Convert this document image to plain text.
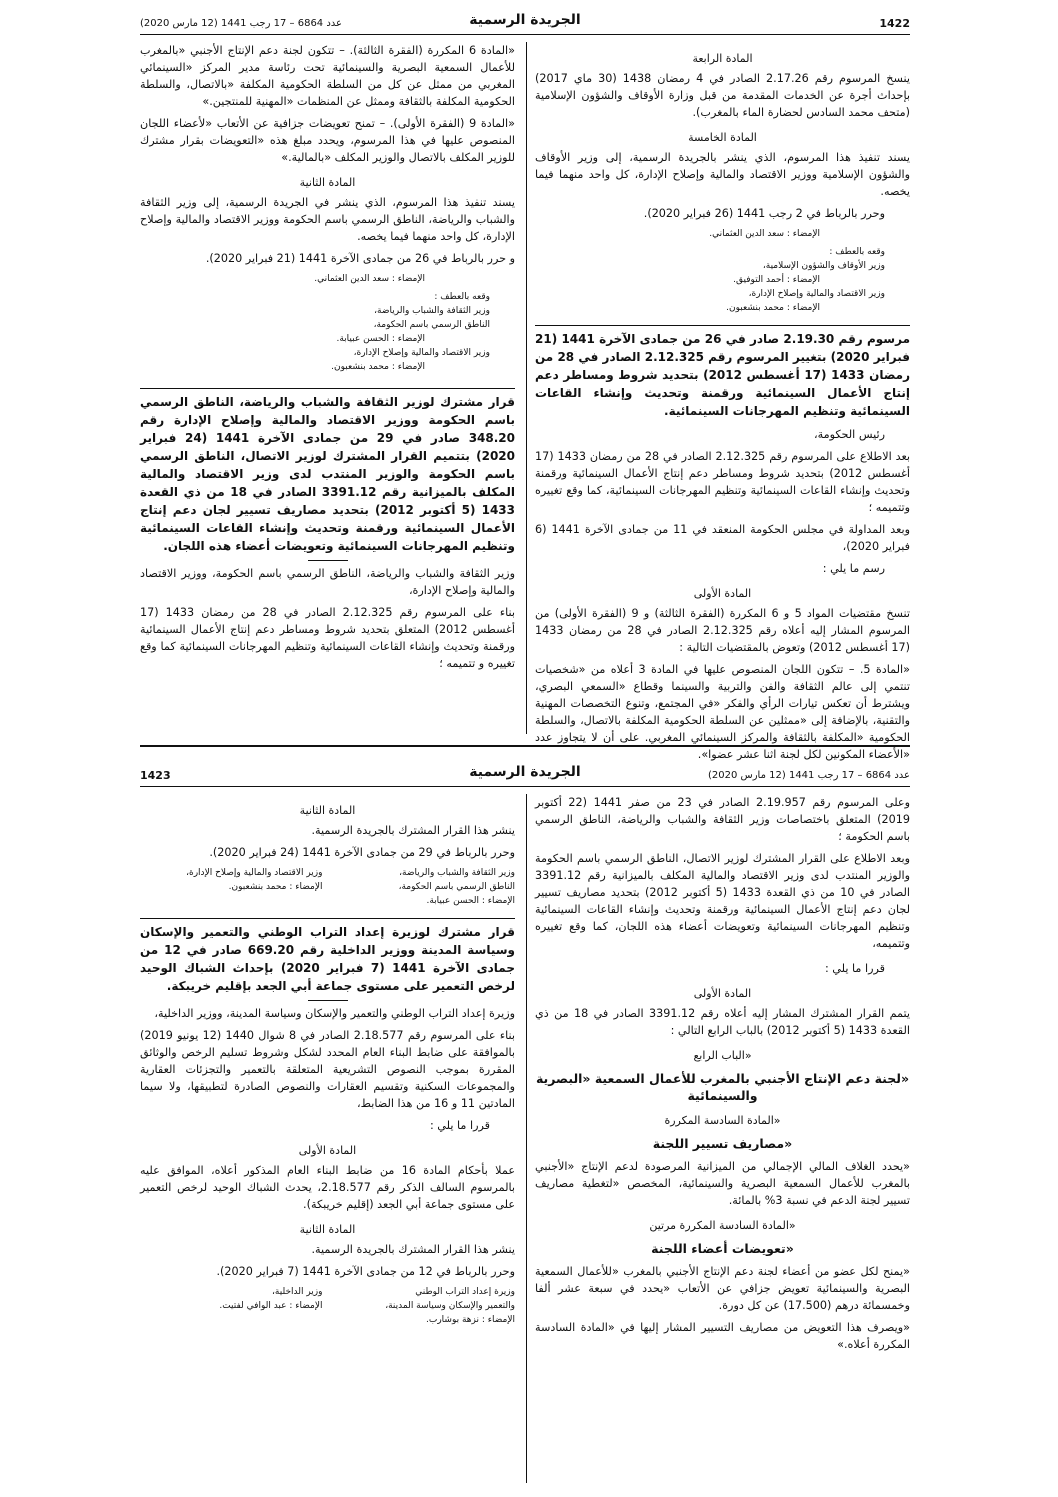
1422
الجريدة الرسمية
عدد 6864 – 17 رجب 1441 (12 مارس 2020)
المادة الرابعة

ينسخ المرسوم رقم 2.17.26 الصادر في 4 رمضان 1438 (30 ماي 2017) بإحداث أجرة عن الخدمات المقدمة من قبل وزارة الأوقاف والشؤون الإسلامية (متحف محمد السادس لحضارة الماء بالمغرب).

المادة الخامسة

يسند تنفيذ هذا المرسوم، الذي ينشر بالجريدة الرسمية، إلى وزير الأوقاف والشؤون الإسلامية ووزير الاقتصاد والمالية وإصلاح الإدارة، كل واحد منهما فيما يخصه.

وحرر بالرباط في 2 رجب 1441 (26 فبراير 2020).

الإمضاء : سعد الدين العثماني.

وقعه بالعطف :

وزير الأوقاف والشؤون الإسلامية،

الإمضاء : أحمد التوفيق.

وزير الاقتصاد والمالية وإصلاح الإدارة،

الإمضاء : محمد بنشعبون.

مرسوم رقم 2.19.30 صادر في 26 من جمادى الآخرة 1441 (21 فبراير 2020) بتغيير المرسوم رقم 2.12.325 الصادر في 28 من رمضان 1433 (17 أغسطس 2012) بتحديد شروط ومساطر دعم إنتاج الأعمال السينمائية ورقمنة وتحديث وإنشاء القاعات السينمائية وتنظيم المهرجانات السينمائية.

رئيس الحكومة،

بعد الاطلاع على المرسوم رقم 2.12.325 الصادر في 28 من رمضان 1433 (17 أغسطس 2012) بتحديد شروط ومساطر دعم إنتاج الأعمال السينمائية ورقمنة وتحديث وإنشاء القاعات السينمائية وتنظيم المهرجانات السينمائية، كما وقع تغييره وتتميمه ؛

وبعد المداولة في مجلس الحكومة المنعقد في 11 من جمادى الآخرة 1441 (6 فبراير 2020)،

رسم ما يلي :

المادة الأولى

تنسخ مقتضيات المواد 5 و 6 المكررة (الفقرة الثالثة) و 9 (الفقرة الأولى) من المرسوم المشار إليه أعلاه رقم 2.12.325 الصادر في 28 من رمضان 1433 (17 أغسطس 2012) وتعوض بالمقتضيات التالية :

«المادة 5. – تتكون اللجان المنصوص عليها في المادة 3 أعلاه من «شخصيات تنتمي إلى عالم الثقافة والفن والتربية والسينما وقطاع «السمعي البصري، ويشترط أن تعكس تيارات الرأي والفكر «في المجتمع، وتنوع التخصصات المهنية والتقنية، بالإضافة إلى «ممثلين عن السلطة الحكومية المكلفة بالاتصال، والسلطة الحكومية «المكلفة بالثقافة والمركز السينمائي المغربي. على أن لا يتجاوز عدد «الأعضاء المكونين لكل لجنة اثنا عشر عضوا».

«المادة 6 المكررة (الفقرة الثالثة). – تتكون لجنة دعم الإنتاج الأجنبي «بالمغرب للأعمال السمعية البصرية والسينمائية تحت رئاسة مدير المركز «السينمائي المغربي من ممثل عن كل من السلطة الحكومية المكلفة «بالاتصال، والسلطة الحكومية المكلفة بالثقافة وممثل عن المنظمات «المهنية للمنتجين.»

«المادة 9 (الفقرة الأولى). – تمنح تعويضات جزافية عن الأتعاب «لأعضاء اللجان المنصوص عليها في هذا المرسوم، ويحدد مبلغ هذه «التعويضات بقرار مشترك للوزير المكلف بالاتصال والوزير المكلف «بالمالية.»

المادة الثانية

يسند تنفيذ هذا المرسوم، الذي ينشر في الجريدة الرسمية، إلى وزير الثقافة والشباب والرياضة، الناطق الرسمي باسم الحكومة ووزير الاقتصاد والمالية وإصلاح الإدارة، كل واحد منهما فيما يخصه.

و حرر بالرباط في 26 من جمادى الآخرة 1441 (21 فبراير 2020).

الإمضاء : سعد الدين العثماني.

وقعه بالعطف :

وزير الثقافة والشباب والرياضة،

الناطق الرسمي باسم الحكومة،

الإمضاء : الحسن عبيابة.

وزير الاقتصاد والمالية وإصلاح الإدارة،

الإمضاء : محمد بنشعبون.

قرار مشترك لوزير الثقافة والشباب والرياضة، الناطق الرسمي باسم الحكومة ووزير الاقتصاد والمالية وإصلاح الإدارة رقم 348.20 صادر في 29 من جمادى الآخرة 1441 (24 فبراير 2020) بتتميم القرار المشترك لوزير الاتصال، الناطق الرسمي باسم الحكومة والوزير المنتدب لدى وزير الاقتصاد والمالية المكلف بالميزانية رقم 3391.12 الصادر في 18 من ذي القعدة 1433 (5 أكتوبر 2012) بتحديد مصاريف تسيير لجان دعم إنتاج الأعمال السينمائية ورقمنة وتحديث وإنشاء القاعات السينمائية وتنظيم المهرجانات السينمائية وتعويضات أعضاء هذه اللجان.

وزير الثقافة والشباب والرياضة، الناطق الرسمي باسم الحكومة، ووزير الاقتصاد والمالية وإصلاح الإدارة،

بناء على المرسوم رقم 2.12.325 الصادر في 28 من رمضان 1433 (17 أغسطس 2012) المتعلق بتحديد شروط ومساطر دعم إنتاج الأعمال السينمائية ورقمنة وتحديث وإنشاء القاعات السينمائية وتنظيم المهرجانات السينمائية كما وقع تغييره و تتميمه ؛

1423	الجريدة الرسمية	عدد 6864 – 17 رجب 1441 (12 مارس 2020)

وعلى المرسوم رقم 2.19.957 الصادر في 23 من صفر 1441 (22 أكتوبر 2019) المتعلق باختصاصات وزير الثقافة والشباب والرياضة، الناطق الرسمي باسم الحكومة ؛

وبعد الاطلاع على القرار المشترك لوزير الاتصال، الناطق الرسمي باسم الحكومة والوزير المنتدب لدى وزير الاقتصاد والمالية المكلف بالميزانية رقم 3391.12 الصادر في 10 من ذي القعدة 1433 (5 أكتوبر 2012) بتحديد مصاريف تسيير لجان دعم إنتاج الأعمال السينمائية ورقمنة وتحديث وإنشاء القاعات السينمائية وتنظيم المهرجانات السينمائية وتعويضات أعضاء هذه اللجان، كما وقع تغييره وتتميمه،

قررا ما يلي :

المادة الأولى

يتمم القرار المشترك المشار إليه أعلاه رقم 3391.12 الصادر في 18 من ذي القعدة 1433 (5 أكتوبر 2012) بالباب الرابع التالي :

«الباب الرابع

«لجنة دعم الإنتاج الأجنبي بالمغرب للأعمال السمعية «البصرية والسينمائية

«المادة السادسة المكررة

«مصاريف تسيير اللجنة

«يحدد الغلاف المالي الإجمالي من الميزانية المرصودة لدعم الإنتاج «الأجنبي بالمغرب للأعمال السمعية البصرية والسينمائية، المخصص «لتغطية مصاريف تسيير لجنة الدعم في نسبة 3% بالمائة.

«المادة السادسة المكررة مرتين

«تعويضات أعضاء اللجنة

«يمنح لكل عضو من أعضاء لجنة دعم الإنتاج الأجنبي بالمغرب «للأعمال السمعية البصرية والسينمائية تعويض جزافي عن الأتعاب «يحدد في سبعة عشر ألفا وخمسمائة درهم (17.500) عن كل دورة.

«ويصرف هذا التعويض من مصاريف التسيير المشار إليها في «المادة السادسة المكررة أعلاه.»

المادة الثانية

ينشر هذا القرار المشترك بالجريدة الرسمية.

وحرر بالرباط في 29 من جمادى الآخرة 1441 (24 فبراير 2020).

وزير الثقافة والشباب والرياضة،

الناطق الرسمي باسم الحكومة،

الإمضاء : الحسن عبيابة.

وزير الاقتصاد والمالية وإصلاح الإدارة،

الإمضاء : محمد بنشعبون.

قرار مشترك لوزيرة إعداد التراب الوطني والتعمير والإسكان وسياسة المدينة ووزير الداخلية رقم 669.20 صادر في 12 من جمادى الآخرة 1441 (7 فبراير 2020) بإحداث الشباك الوحيد لرخص التعمير على مستوى جماعة أبي الجعد بإقليم خريبكة.

وزيرة إعداد التراب الوطني والتعمير والإسكان وسياسة المدينة، ووزير الداخلية،

بناء على المرسوم رقم 2.18.577 الصادر في 8 شوال 1440 (12 يونيو 2019) بالموافقة على ضابط البناء العام المحدد لشكل وشروط تسليم الرخص والوثائق المقررة بموجب النصوص التشريعية المتعلقة بالتعمير والتجزئات العقارية والمجموعات السكنية وتقسيم العقارات والنصوص الصادرة لتطبيقها، ولا سيما المادتين 11 و 16 من هذا الضابط،

قررا ما يلي :

المادة الأولى

عملا بأحكام المادة 16 من ضابط البناء العام المذكور أعلاه، الموافق عليه بالمرسوم السالف الذكر رقم 2.18.577، يحدث الشباك الوحيد لرخص التعمير على مستوى جماعة أبي الجعد (إقليم خريبكة).

المادة الثانية

ينشر هذا القرار المشترك بالجريدة الرسمية.

وحرر بالرباط في 12 من جمادى الآخرة 1441 (7 فبراير 2020).

وزيرة إعداد التراب الوطني

والتعمير والإسكان وسياسة المدينة،

الإمضاء : نزهة بوشارب.

وزير الداخلية،

الإمضاء : عبد الوافي لفتيت.
